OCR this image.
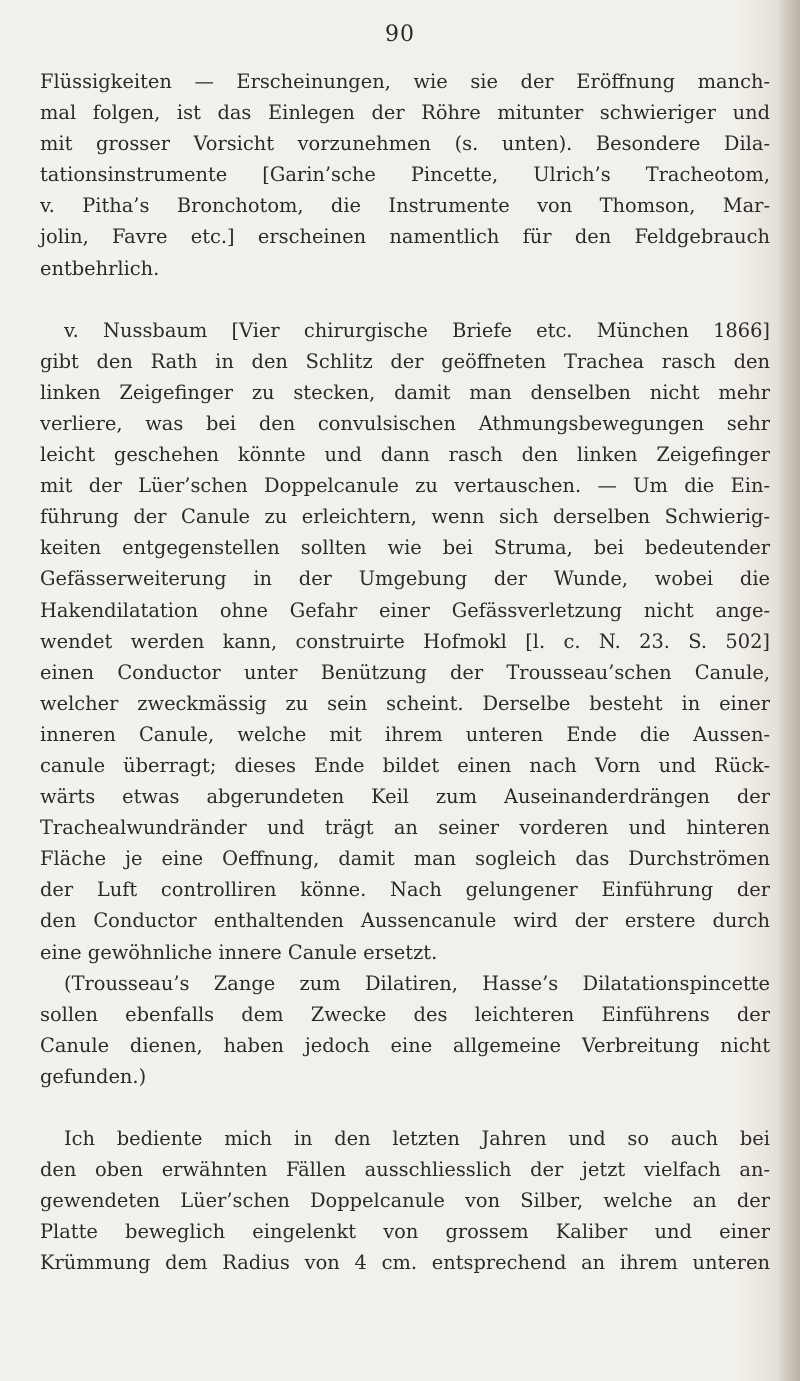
90
Flüssigkeiten — Erscheinungen, wie sie der Eröffnung manch-
mal folgen, ist das Einlegen der Röhre mitunter schwieriger und
mit grosser Vorsicht vorzunehmen (s. unten). Besondere Dila-
tationsinstrumente [Garin’sche Pincette, Ulrich’s Tracheotom,
v. Pitha’s Bronchotom, die Instrumente von Thomson, Mar-
jolin, Favre etc.] erscheinen namentlich für den Feldgebrauch
entbehrlich.
v. Nussbaum [Vier chirurgische Briefe etc. München 1866]
gibt den Rath in den Schlitz der geöffneten Trachea rasch den
linken Zeigefinger zu stecken, damit man denselben nicht mehr
verliere, was bei den convulsischen Athmungsbewegungen sehr
leicht geschehen könnte und dann rasch den linken Zeigefinger
mit der Lüer’schen Doppelcanule zu vertauschen. — Um die Ein-
führung der Canule zu erleichtern, wenn sich derselben Schwierig-
keiten entgegenstellen sollten wie bei Struma, bei bedeutender
Gefässerweiterung in der Umgebung der Wunde, wobei die
Hakendilatation ohne Gefahr einer Gefässverletzung nicht ange-
wendet werden kann, construirte Hofmokl [l. c. N. 23. S. 502]
einen Conductor unter Benützung der Trousseau’schen Canule,
welcher zweckmässig zu sein scheint. Derselbe besteht in einer
inneren Canule, welche mit ihrem unteren Ende die Aussen-
canule überragt; dieses Ende bildet einen nach Vorn und Rück-
wärts etwas abgerundeten Keil zum Auseinanderdrängen der
Trachealwundränder und trägt an seiner vorderen und hinteren
Fläche je eine Oeffnung, damit man sogleich das Durchströmen
der Luft controlliren könne. Nach gelungener Einführung der
den Conductor enthaltenden Aussencanule wird der erstere durch
eine gewöhnliche innere Canule ersetzt.
(Trousseau’s Zange zum Dilatiren, Hasse’s Dilatationspincette
sollen ebenfalls dem Zwecke des leichteren Einführens der
Canule dienen, haben jedoch eine allgemeine Verbreitung nicht
gefunden.)
Ich bediente mich in den letzten Jahren und so auch bei
den oben erwähnten Fällen ausschliesslich der jetzt vielfach an-
gewendeten Lüer’schen Doppelcanule von Silber, welche an der
Platte beweglich eingelenkt von grossem Kaliber und einer
Krümmung dem Radius von 4 cm. entsprechend an ihrem unteren
